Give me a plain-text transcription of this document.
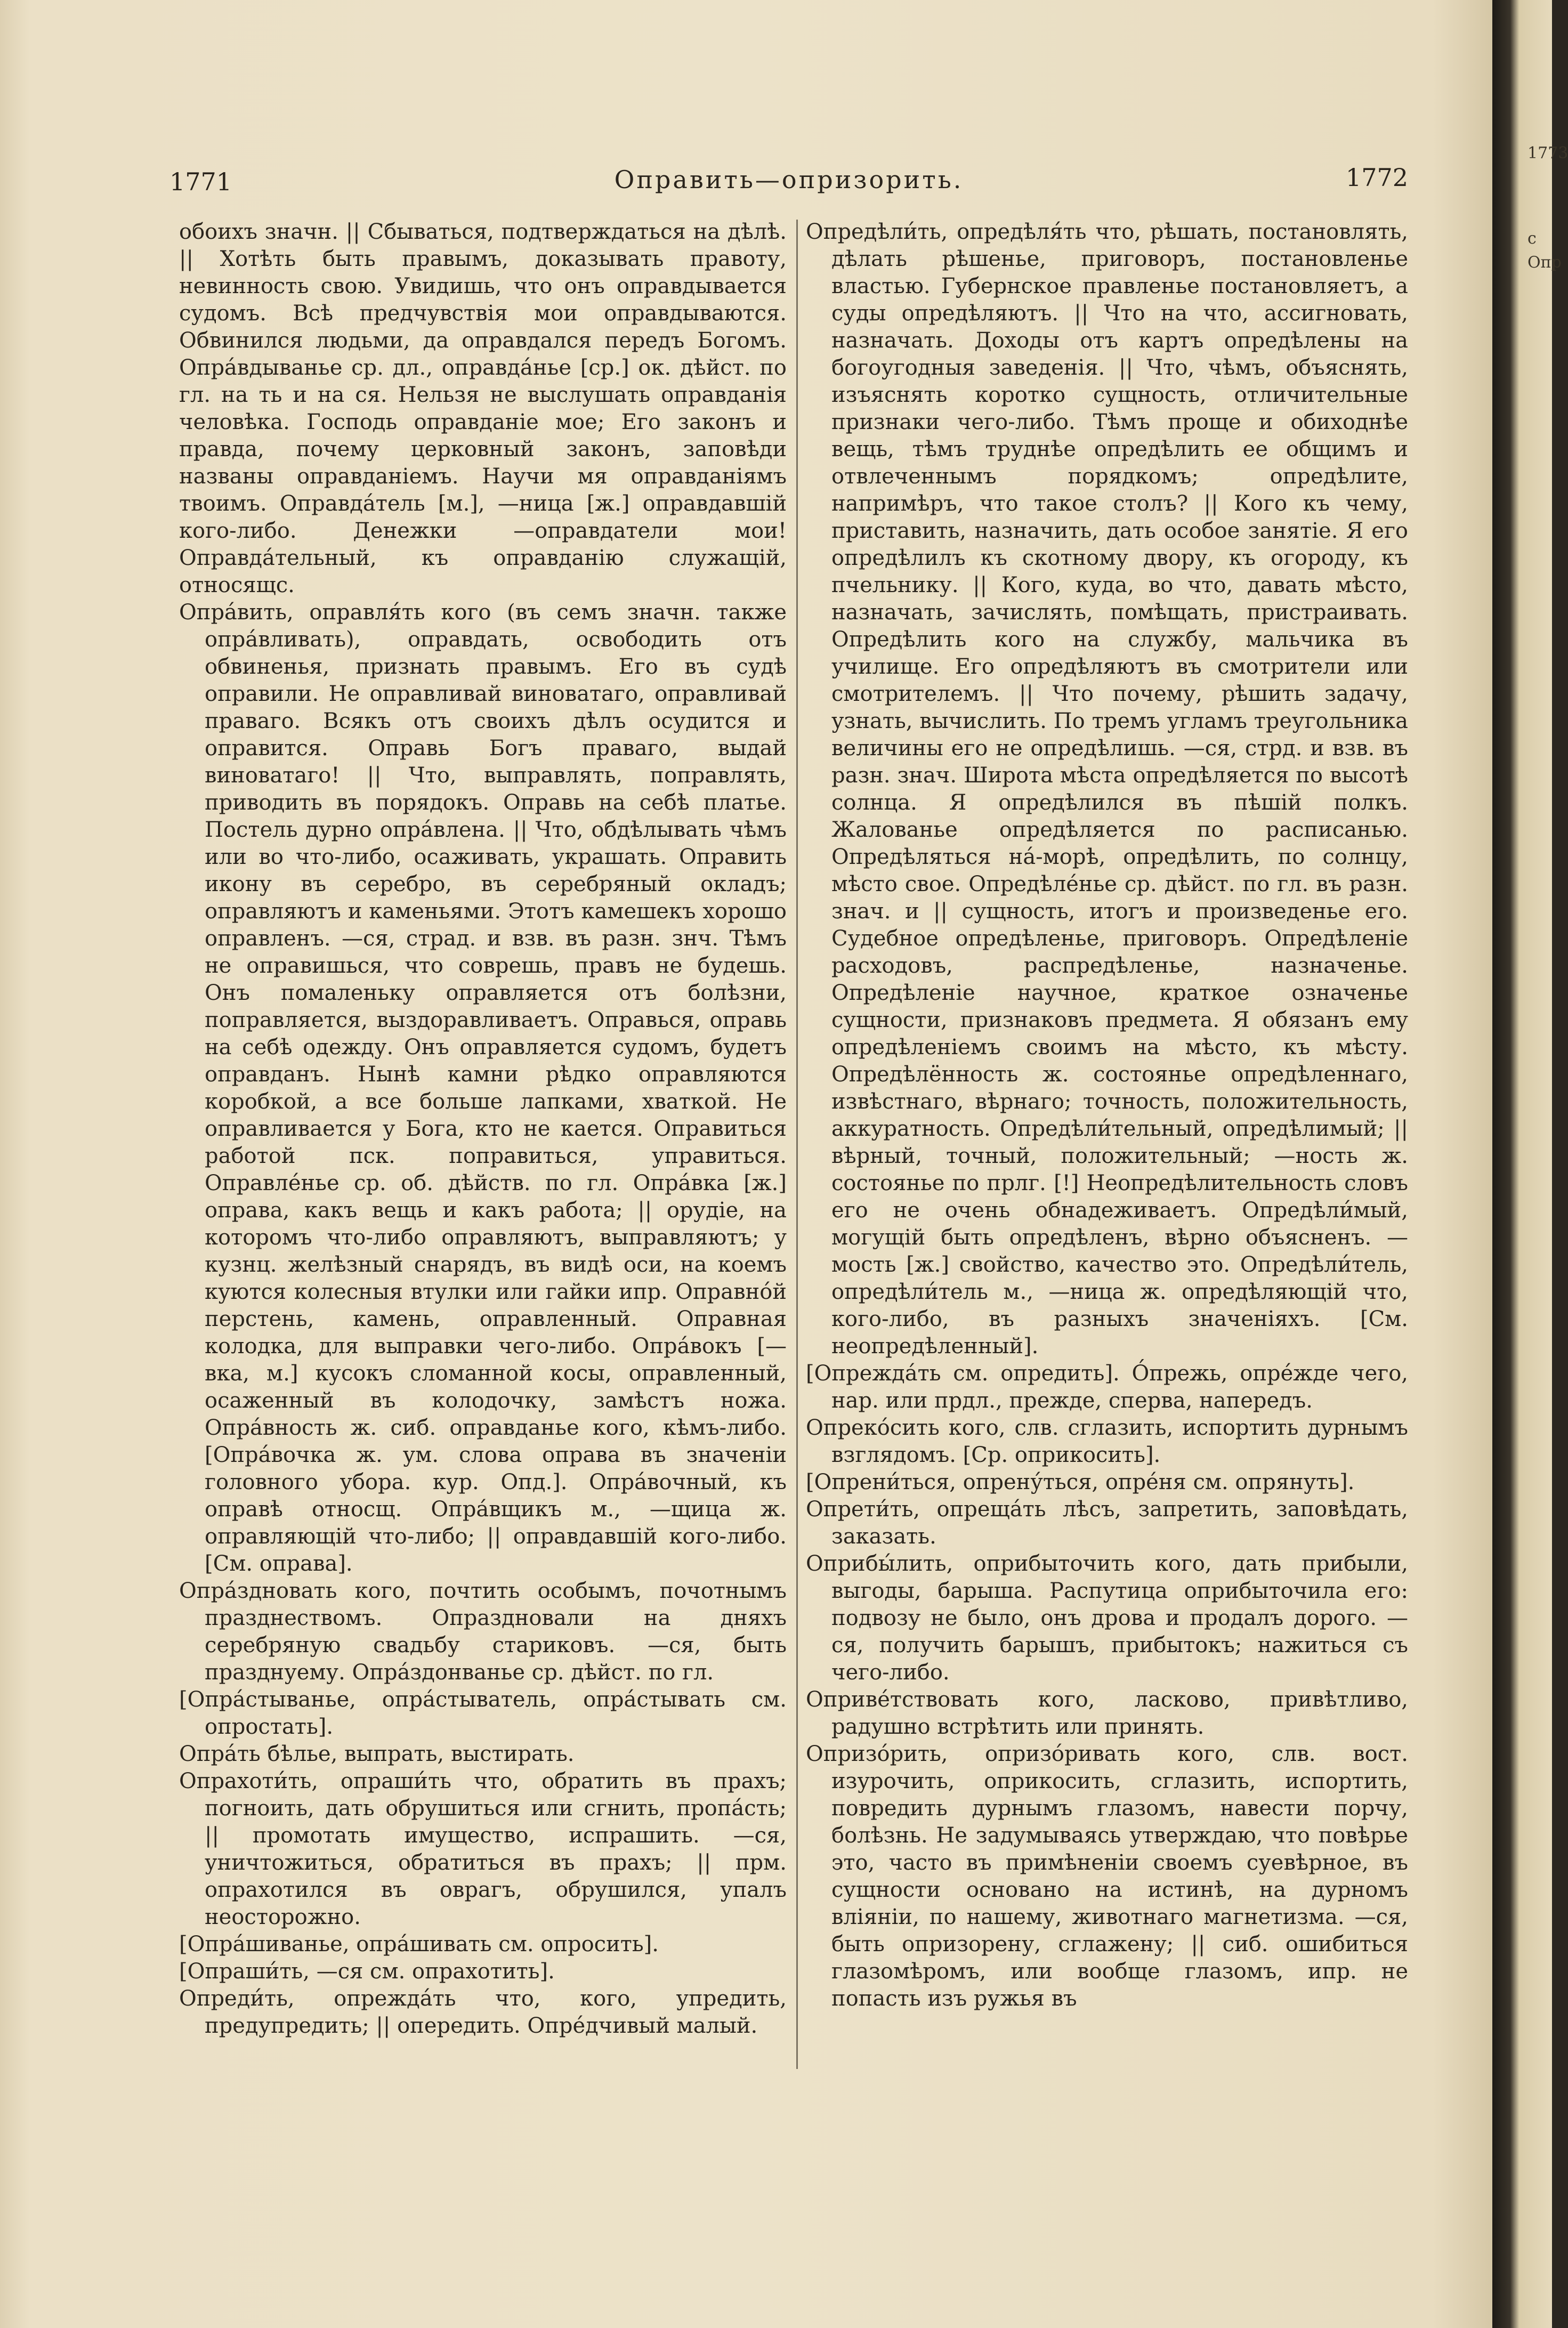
1771	Оправить—опризорить.	1772

обоихъ значн. || Сбываться, подтверждаться на дѣлѣ. || Хотѣть быть правымъ, доказывать правоту, невинность свою. Увидишь, что онъ оправдывается судомъ. Всѣ предчувствія мои оправдываются. Обвинился людьми, да оправдался передъ Богомъ. Опра́вдываньe ср. дл., оправда́нье [ср.] ок. дѣйст. по гл. на ть и на ся. Нельзя не выслушать оправданія человѣка. Господь оправданіе мое; Его законъ и правда, почему церковный законъ, заповѣди названы оправданіемъ. Научи мя оправданіямъ твоимъ. Оправда́тель [м.], —ница [ж.] оправдавшій кого-либо. Денежки —оправдатели мои! Оправда́тельный, къ оправданію служащій, относящс.

Опра́вить, оправля́ть кого (въ семъ значн. также опра́вливать), оправдать, освободить отъ обвиненья, признать правымъ. Его въ судѣ оправили. Не оправливай виноватаго, оправливай праваго. Всякъ отъ своихъ дѣлъ осудится и оправится. Оправь Богъ праваго, выдай виноватаго! || Что, выправлять, поправлять, приводить въ порядокъ. Оправь на себѣ платье. Постель дурно опра́влена. || Что, обдѣлывать чѣмъ или во что-либо, осаживать, украшать. Оправить икону въ серебро, въ серебряный окладъ; оправляютъ и каменьями. Этотъ камешекъ хорошо оправленъ. —ся, страд. и взв. въ разн. знч. Тѣмъ не оправишься, что соврешь, правъ не будешь. Онъ помаленьку оправляется отъ болѣзни, поправляется, выздоравливаетъ. Оправься, оправь на себѣ одежду. Онъ оправляется судомъ, будетъ оправданъ. Нынѣ камни рѣдко оправляются коробкой, а все больше лапками, хваткой. Не оправливается у Бога, кто не кается. Оправиться работой пск. поправиться, управиться. Оправле́нье ср. об. дѣйств. по гл. Опра́вка [ж.] оправа, какъ вещь и какъ работа; || орудіе, на которомъ что-либо оправляютъ, выправляютъ; у кузнц. желѣзный снарядъ, въ видѣ оси, на коемъ куются колесныя втулки или гайки ипр. Оправно́й перстень, камень, оправленный. Оправная колодка, для выправки чего-либо. Опра́вокъ [—вка, м.] кусокъ сломанной косы, оправленный, осаженный въ колодочку, замѣстъ ножа. Опра́вность ж. сиб. оправданье кого, кѣмъ-либо. [Опра́вочка ж. ум. слова оправа въ значеніи головного убора. кур. Опд.]. Опра́вочный, къ оправѣ относщ. Опра́вщикъ м., —щица ж. оправляющій что-либо; || оправдавшій кого-либо. [См. оправа].

Опра́здновать кого, почтить особымъ, почотнымъ празднествомъ. Опраздновали на дняхъ серебряную свадьбу стариковъ. —ся, быть празднуему. Опра́здонванье ср. дѣйст. по гл.

[Опра́стыванье, опра́стыватель, опра́стывать см. опростать].

Опра́ть бѣлье, выпрать, выстирать.

Опрахоти́ть, опраши́ть что, обратить въ прахъ; погноить, дать обрушиться или сгнить, пропа́сть; || промотать имущество, испрашить. —ся, уничтожиться, обратиться въ прахъ; || прм. опрахотился въ оврагъ, обрушился, упалъ неосторожно.

[Опра́шиванье, опра́шивать см. опросить].

[Опраши́ть, —ся см. опрахотить].

Опреди́ть, опрежда́ть что, кого, упредить, предупредить; || опередить. Опре́дчивый малый.

Опредѣли́ть, опредѣля́ть что, рѣшать, постановлять, дѣлать рѣшенье, приговоръ, постановленье властью. Губернское правленье постановляетъ, а суды опредѣляютъ. || Что на что, ассигновать, назначать. Доходы отъ картъ опредѣлены на богоугодныя заведенія. || Что, чѣмъ, объяснять, изъяснять коротко сущность, отличительные признаки чего-либо. Тѣмъ проще и обиходнѣе вещь, тѣмъ труднѣе опредѣлить ее общимъ и отвлеченнымъ порядкомъ; опредѣлите, напримѣръ, что такое столъ? || Кого къ чему, приставить, назначить, дать особое занятіе. Я его опредѣлилъ къ скотному двору, къ огороду, къ пчельнику. || Кого, куда, во что, давать мѣсто, назначать, зачислять, помѣщать, пристраивать. Опредѣлить кого на службу, мальчика въ училище. Его опредѣляютъ въ смотрители или смотрителемъ. || Что почему, рѣшить задачу, узнать, вычислить. По тремъ угламъ треугольника величины его не опредѣлишь. —ся, стрд. и взв. въ разн. знач. Широта мѣста опредѣляется по высотѣ солнца. Я опредѣлился въ пѣшій полкъ. Жалованье опредѣляется по расписанью. Опредѣляться на́-морѣ, опредѣлить, по солнцу, мѣсто свое. Опредѣле́нье ср. дѣйст. по гл. въ разн. знач. и || сущность, итогъ и произведенье его. Судебное опредѣленье, приговоръ. Опредѣленіе расходовъ, распредѣленье, назначенье. Опредѣленіе научное, краткое означенье сущности, признаковъ предмета. Я обязанъ ему опредѣленіемъ своимъ на мѣсто, къ мѣсту. Опредѣлённость ж. состоянье опредѣленнаго, извѣстнаго, вѣрнаго; точность, положительность, аккуратность. Опредѣли́тельный, опредѣлимый; || вѣрный, точный, положительный; —ность ж. состоянье по прлг. [!] Неопредѣлительность словъ его не очень обнадеживаетъ. Опредѣли́мый, могущій быть опредѣленъ, вѣрно объясненъ. —мость [ж.] свойство, качество это. Опредѣли́тель, опредѣли́тель м., —ница ж. опредѣляющій что, кого-либо, въ разныхъ значеніяхъ. [См. неопредѣленный].

[Опрежда́ть см. опредить]. О́прежь, опре́жде чего, нар. или прдл., прежде, сперва, напередъ.

Опреко́сить кого, слв. сглазить, испортить дурнымъ взглядомъ. [Ср. оприкосить].

[Опрени́ться, опрену́ться, опре́ня см. опрянуть].

Опрети́ть, опреща́ть лѣсъ, запретить, заповѣдать, заказать.

Оприбы́лить, оприбыточить кого, дать прибыли, выгоды, барыша. Распутица оприбыточила его: подвозу не было, онъ дрова и продалъ дорого. —ся, получить барышъ, прибытокъ; нажиться съ чего-либо.

Оприве́тствовать кого, ласково, привѣтливо, радушно встрѣтить или принять.

Опризо́рить, опризо́ривать кого, слв. вост. изурочить, оприкосить, сглазить, испортить, повредить дурнымъ глазомъ, навести порчу, болѣзнь. Не задумываясь утверждаю, что повѣрье это, часто въ примѣненіи своемъ суевѣрное, въ сущности основано на истинѣ, на дурномъ вліяніи, по нашему, животнаго магнетизма. —ся, быть опризорену, сглажену; || сиб. ошибиться глазомѣромъ, или вообще глазомъ, ипр. не попасть изъ ружья въ

1773
с
Опр
